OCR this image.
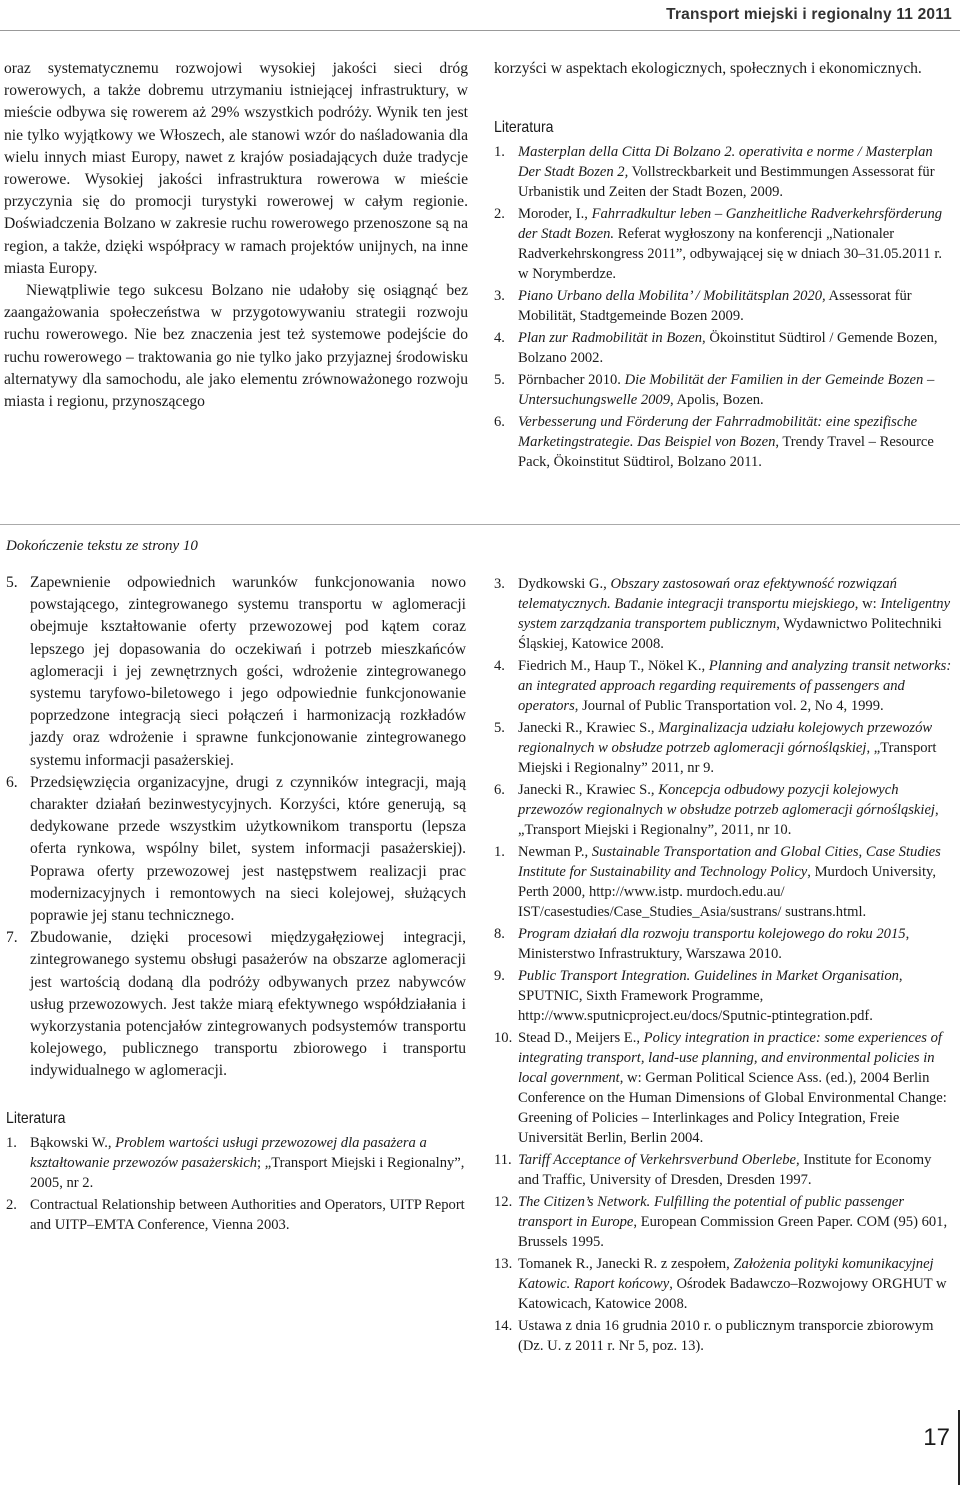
Transport miejski i regionalny 11 2011

oraz systematycznemu rozwojowi wysokiej jakości sieci dróg rowerowych, a także dobremu utrzymaniu istniejącej infrastruktury, w mieście odbywa się rowerem aż 29% wszystkich podróży. Wynik ten jest nie tylko wyjątkowy we Włoszech, ale stanowi wzór do naśladowania dla wielu innych miast Europy, nawet z krajów posiadających duże tradycje rowerowe. Wysokiej jakości infrastruktura rowerowa w mieście przyczynia się do promocji turystyki rowerowej w całym regionie. Doświadczenia Bolzano w zakresie ruchu rowerowego przenoszone są na region, a także, dzięki współpracy w ramach projektów unijnych, na inne miasta Europy.

Niewątpliwie tego sukcesu Bolzano nie udałoby się osiągnąć bez zaangażowania społeczeństwa w przygotowywaniu strategii rozwoju ruchu rowerowego. Nie bez znaczenia jest też systemowe podejście do ruchu rowerowego – traktowania go nie tylko jako przyjaznej środowisku alternatywy dla samochodu, ale jako elementu zrównoważonego rozwoju miasta i regionu, przynoszącego

korzyści w aspektach ekologicznych, społecznych i ekonomicznych.

Literatura
1. Masterplan della Citta Di Bolzano 2. operativita e norme / Masterplan Der Stadt Bozen 2, Vollstreckbarkeit und Bestimmungen Assessorat für Urbanistik und Zeiten der Stadt Bozen, 2009.
2. Moroder, I., Fahrradkultur leben – Ganzheitliche Radverkehrsförderung der Stadt Bozen. Referat wygłoszony na konferencji „Nationaler Radverkehrskongress 2011”, odbywającej się w dniach 30–31.05.2011 r. w Norymberdze.
3. Piano Urbano della Mobilita’ / Mobilitätsplan 2020, Assessorat für Mobilität, Stadtgemeinde Bozen 2009.
4. Plan zur Radmobilität in Bozen, Ökoinstitut Südtirol / Gemende Bozen, Bolzano 2002.
5. Pörnbacher 2010. Die Mobilität der Familien in der Gemeinde Bozen – Untersuchungswelle 2009, Apolis, Bozen.
6. Verbesserung und Förderung der Fahrradmobilität: eine spezifische Marketingstrategie. Das Beispiel von Bozen, Trendy Travel – Resource Pack, Ökoinstitut Südtirol, Bolzano 2011.
Dokończenie tekstu ze strony 10
5. Zapewnienie odpowiednich warunków funkcjonowania nowo powstającego, zintegrowanego systemu transportu w aglomeracji obejmuje kształtowanie oferty przewozowej pod kątem coraz lepszego jej dopasowania do oczekiwań i potrzeb mieszkańców aglomeracji i jej zewnętrznych gości, wdrożenie zintegrowanego systemu taryfowo-biletowego i jego odpowiednie funkcjonowanie poprzedzone integracją sieci połączeń i harmonizacją rozkładów jazdy oraz wdrożenie i sprawne funkcjonowanie zintegrowanego systemu informacji pasażerskiej.
6. Przedsięwzięcia organizacyjne, drugi z czynników integracji, mają charakter działań bezinwestycyjnych. Korzyści, które generują, są dedykowane przede wszystkim użytkownikom transportu (lepsza oferta rynkowa, wspólny bilet, system informacji pasażerskiej). Poprawa oferty przewozowej jest następstwem realizacji prac modernizacyjnych i remontowych na sieci kolejowej, służących poprawie jej stanu technicznego.
7. Zbudowanie, dzięki procesowi międzygałęziowej integracji, zintegrowanego systemu obsługi pasażerów na obszarze aglomeracji jest wartością dodaną dla podróży odbywanych przez nabywców usług przewozowych. Jest także miarą efektywnego współdziałania i wykorzystania potencjałów zintegrowanych podsystemów transportu kolejowego, publicznego transportu zbiorowego i transportu indywidualnego w aglomeracji.
Literatura
1. Bąkowski W., Problem wartości usługi przewozowej dla pasażera a kształtowanie przewozów pasażerskich; „Transport Miejski i Regionalny”, 2005, nr 2.
2. Contractual Relationship between Authorities and Operators, UITP Report and UITP–EMTA Conference, Vienna 2003.
3. Dydkowski G., Obszary zastosowań oraz efektywność rozwiązań telematycznych. Badanie integracji transportu miejskiego, w: Inteligentny system zarządzania transportem publicznym, Wydawnictwo Politechniki Śląskiej, Katowice 2008.
4. Fiedrich M., Haup T., Nökel K., Planning and analyzing transit networks: an integrated approach regarding requirements of passengers and operators, Journal of Public Transportation vol. 2, No 4, 1999.
5. Janecki R., Krawiec S., Marginalizacja udziału kolejowych przewozów regionalnych w obsłudze potrzeb aglomeracji górnośląskiej, „Transport Miejski i Regionalny” 2011, nr 9.
6. Janecki R., Krawiec S., Koncepcja odbudowy pozycji kolejowych przewozów regionalnych w obsłudze potrzeb aglomeracji górnośląskiej, „Transport Miejski i Regionalny”, 2011, nr 10.
1. Newman P., Sustainable Transportation and Global Cities, Case Studies Institute for Sustainability and Technology Policy, Murdoch University, Perth 2000, http://www.istp. murdoch.edu.au/ IST/casestudies/Case_Studies_Asia/sustrans/ sustrans.html.
8. Program działań dla rozwoju transportu kolejowego do roku 2015, Ministerstwo Infrastruktury, Warszawa 2010.
9. Public Transport Integration. Guidelines in Market Organisation, SPUTNIC, Sixth Framework Programme, http://www.sputnicproject.eu/docs/Sputnic-ptintegration.pdf.
10. Stead D., Meijers E., Policy integration in practice: some experiences of integrating transport, land-use planning, and environmental policies in local government, w: German Political Science Ass. (ed.), 2004 Berlin Conference on the Human Dimensions of Global Environmental Change: Greening of Policies – Interlinkages and Policy Integration, Freie Universität Berlin, Berlin 2004.
11. Tariff Acceptance of Verkehrsverbund Oberlebe, Institute for Economy and Traffic, University of Dresden, Dresden 1997.
12. The Citizen’s Network. Fulfilling the potential of public passenger transport in Europe, European Commission Green Paper. COM (95) 601, Brussels 1995.
13. Tomanek R., Janecki R. z zespołem, Założenia polityki komunikacyjnej Katowic. Raport końcowy, Ośrodek Badawczo–Rozwojowy ORGHUT w Katowicach, Katowice 2008.
14. Ustawa z dnia 16 grudnia 2010 r. o publicznym transporcie zbiorowym (Dz. U. z 2011 r. Nr 5, poz. 13).
17
